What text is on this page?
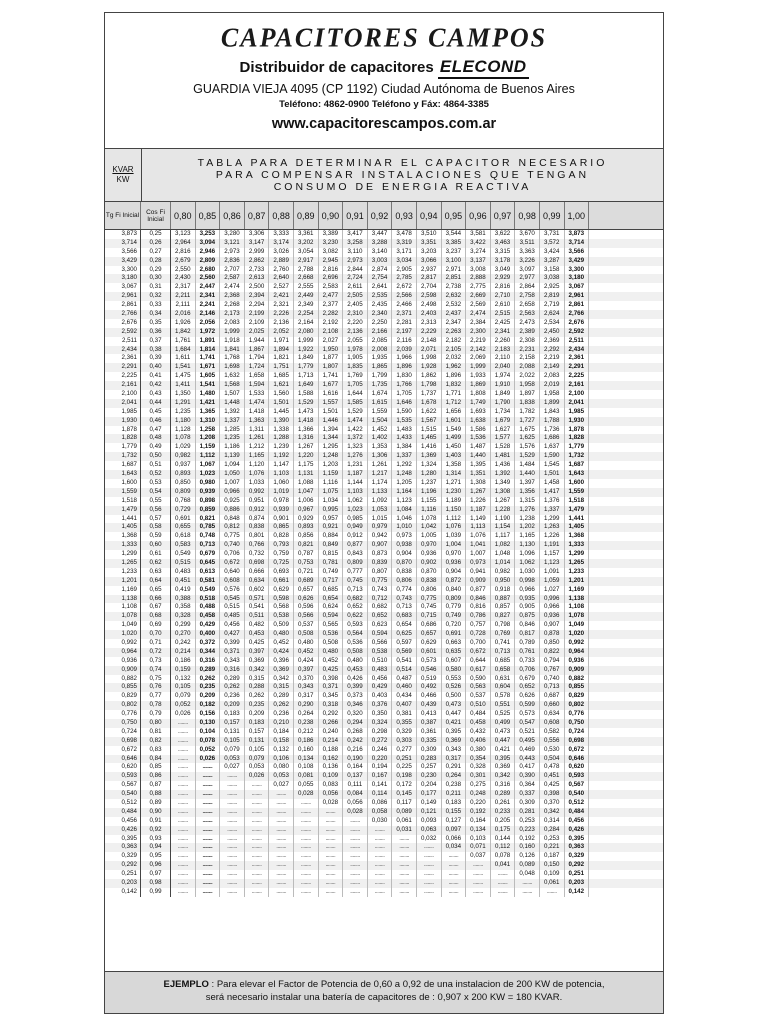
CAPACITORES CAMPOS
Distribuidor de capacitores ELECOND
GUARDIA VIEJA 4095 (CP 1192) Ciudad Autónoma de Buenos Aires
Teléfono: 4862-0900 Teléfono y Fáx: 4864-3385
www.capacitorescampos.com.ar
KVAR
KW
TABLA PARA DETERMINAR EL CAPACITOR NECESARIO
PARA COMPENSAR INSTALACIONES QUE TENGAN
CONSUMO DE ENERGIA REACTIVA
Tg Fi Inicial	Cos Fi Inicial	0,80 0,85 0,86 0,87 0,88 0,89 0,90 0,91 0,92 0,93 0,94 0,95 0,96 0,97 0,98 0,99 1,00
3,873	0,25	3,123	3,253	3,280	3,306	3,333	3,361	3,389	3,417	3,447	3,478	3,510	3,544	3,581	3,622	3,670	3,731	3,873
3,714	0,26	2,964	3,094	3,121	3,147	3,174	3,202	3,230	3,258	3,288	3,319	3,351	3,385	3,422	3,463	3,511	3,572	3,714
3,566	0,27	2,816	2,946	2,973	2,999	3,026	3,054	3,082	3,110	3,140	3,171	3,203	3,237	3,274	3,315	3,363	3,424	3,566
3,429	0,28	2,679	2,809	2,836	2,862	2,889	2,917	2,945	2,973	3,003	3,034	3,066	3,100	3,137	3,178	3,226	3,287	3,429
3,300	0,29	2,550	2,680	2,707	2,733	2,760	2,788	2,816	2,844	2,874	2,905	2,937	2,971	3,008	3,049	3,097	3,158	3,300
3,180	0,30	2,430	2,560	2,587	2,613	2,640	2,668	2,696	2,724	2,754	2,785	2,817	2,851	2,888	2,929	2,977	3,038	3,180
3,067	0,31	2,317	2,447	2,474	2,500	2,527	2,555	2,583	2,611	2,641	2,672	2,704	2,738	2,775	2,816	2,864	2,925	3,067
2,961	0,32	2,211	2,341	2,368	2,394	2,421	2,449	2,477	2,505	2,535	2,566	2,598	2,632	2,669	2,710	2,758	2,819	2,961
2,861	0,33	2,111	2,241	2,268	2,294	2,321	2,349	2,377	2,405	2,435	2,466	2,498	2,532	2,569	2,610	2,658	2,719	2,861
2,766	0,34	2,016	2,146	2,173	2,199	2,226	2,254	2,282	2,310	2,340	2,371	2,403	2,437	2,474	2,515	2,563	2,624	2,766
2,676	0,35	1,926	2,056	2,083	2,109	2,136	2,164	2,192	2,220	2,250	2,281	2,313	2,347	2,384	2,425	2,473	2,534	2,676
2,592	0,36	1,842	1,972	1,999	2,025	2,052	2,080	2,108	2,136	2,166	2,197	2,229	2,263	2,300	2,341	2,389	2,450	2,592
2,511	0,37	1,761	1,891	1,918	1,944	1,971	1,999	2,027	2,055	2,085	2,116	2,148	2,182	2,219	2,260	2,308	2,369	2,511
2,434	0,38	1,684	1,814	1,841	1,867	1,894	1,922	1,950	1,978	2,008	2,039	2,071	2,105	2,142	2,183	2,231	2,292	2,434
2,361	0,39	1,611	1,741	1,768	1,794	1,821	1,849	1,877	1,905	1,935	1,966	1,998	2,032	2,069	2,110	2,158	2,219	2,361
2,291	0,40	1,541	1,671	1,698	1,724	1,751	1,779	1,807	1,835	1,865	1,896	1,928	1,962	1,999	2,040	2,088	2,149	2,291
2,225	0,41	1,475	1,605	1,632	1,658	1,685	1,713	1,741	1,769	1,799	1,830	1,862	1,896	1,933	1,974	2,022	2,083	2,225
2,161	0,42	1,411	1,541	1,568	1,594	1,621	1,649	1,677	1,705	1,735	1,766	1,798	1,832	1,869	1,910	1,958	2,019	2,161
2,100	0,43	1,350	1,480	1,507	1,533	1,560	1,588	1,616	1,644	1,674	1,705	1,737	1,771	1,808	1,849	1,897	1,958	2,100
2,041	0,44	1,291	1,421	1,448	1,474	1,501	1,529	1,557	1,585	1,615	1,646	1,678	1,712	1,749	1,790	1,838	1,899	2,041
1,985	0,45	1,235	1,365	1,392	1,418	1,445	1,473	1,501	1,529	1,559	1,590	1,622	1,656	1,693	1,734	1,782	1,843	1,985
1,930	0,46	1,180	1,310	1,337	1,363	1,390	1,418	1,446	1,474	1,504	1,535	1,567	1,601	1,638	1,679	1,727	1,788	1,930
1,878	0,47	1,128	1,258	1,285	1,311	1,338	1,366	1,394	1,422	1,452	1,483	1,515	1,549	1,586	1,627	1,675	1,736	1,878
1,828	0,48	1,078	1,208	1,235	1,261	1,288	1,316	1,344	1,372	1,402	1,433	1,465	1,499	1,536	1,577	1,625	1,686	1,828
1,779	0,49	1,029	1,159	1,186	1,212	1,239	1,267	1,295	1,323	1,353	1,384	1,416	1,450	1,487	1,528	1,576	1,637	1,779
1,732	0,50	0,982	1,112	1,139	1,165	1,192	1,220	1,248	1,276	1,306	1,337	1,369	1,403	1,440	1,481	1,529	1,590	1,732
1,687	0,51	0,937	1,067	1,094	1,120	1,147	1,175	1,203	1,231	1,261	1,292	1,324	1,358	1,395	1,436	1,484	1,545	1,687
1,643	0,52	0,893	1,023	1,050	1,076	1,103	1,131	1,159	1,187	1,217	1,248	1,280	1,314	1,351	1,392	1,440	1,501	1,643
1,600	0,53	0,850	0,980	1,007	1,033	1,060	1,088	1,116	1,144	1,174	1,205	1,237	1,271	1,308	1,349	1,397	1,458	1,600
1,559	0,54	0,809	0,939	0,966	0,992	1,019	1,047	1,075	1,103	1,133	1,164	1,196	1,230	1,267	1,308	1,356	1,417	1,559
1,518	0,55	0,768	0,898	0,925	0,951	0,978	1,006	1,034	1,062	1,092	1,123	1,155	1,189	1,226	1,267	1,315	1,376	1,518
1,479	0,56	0,729	0,859	0,886	0,912	0,939	0,967	0,995	1,023	1,053	1,084	1,116	1,150	1,187	1,228	1,276	1,337	1,479
1,441	0,57	0,691	0,821	0,848	0,874	0,901	0,929	0,957	0,985	1,015	1,046	1,078	1,112	1,149	1,190	1,238	1,299	1,441
1,405	0,58	0,655	0,785	0,812	0,838	0,865	0,893	0,921	0,949	0,979	1,010	1,042	1,076	1,113	1,154	1,202	1,263	1,405
1,368	0,59	0,618	0,748	0,775	0,801	0,828	0,856	0,884	0,912	0,942	0,973	1,005	1,039	1,076	1,117	1,165	1,226	1,368
1,333	0,60	0,583	0,713	0,740	0,766	0,793	0,821	0,849	0,877	0,907	0,938	0,970	1,004	1,041	1,082	1,130	1,191	1,333
1,299	0,61	0,549	0,679	0,706	0,732	0,759	0,787	0,815	0,843	0,873	0,904	0,936	0,970	1,007	1,048	1,096	1,157	1,299
1,265	0,62	0,515	0,645	0,672	0,698	0,725	0,753	0,781	0,809	0,839	0,870	0,902	0,936	0,973	1,014	1,062	1,123	1,265
1,233	0,63	0,483	0,613	0,640	0,666	0,693	0,721	0,749	0,777	0,807	0,838	0,870	0,904	0,941	0,982	1,030	1,091	1,233
1,201	0,64	0,451	0,581	0,608	0,634	0,661	0,689	0,717	0,745	0,775	0,806	0,838	0,872	0,909	0,950	0,998	1,059	1,201
1,169	0,65	0,419	0,549	0,576	0,602	0,629	0,657	0,685	0,713	0,743	0,774	0,806	0,840	0,877	0,918	0,966	1,027	1,169
1,138	0,66	0,388	0,518	0,545	0,571	0,598	0,626	0,654	0,682	0,712	0,743	0,775	0,809	0,846	0,887	0,935	0,996	1,138
1,108	0,67	0,358	0,488	0,515	0,541	0,568	0,596	0,624	0,652	0,682	0,713	0,745	0,779	0,816	0,857	0,905	0,966	1,108
1,078	0,68	0,328	0,458	0,485	0,511	0,538	0,566	0,594	0,622	0,652	0,683	0,715	0,749	0,786	0,827	0,875	0,936	1,078
1,049	0,69	0,299	0,429	0,456	0,482	0,509	0,537	0,565	0,593	0,623	0,654	0,686	0,720	0,757	0,798	0,846	0,907	1,049
1,020	0,70	0,270	0,400	0,427	0,453	0,480	0,508	0,536	0,564	0,594	0,625	0,657	0,691	0,728	0,769	0,817	0,878	1,020
0,992	0,71	0,242	0,372	0,399	0,425	0,452	0,480	0,508	0,536	0,566	0,597	0,629	0,663	0,700	0,741	0,789	0,850	0,992
0,964	0,72	0,214	0,344	0,371	0,397	0,424	0,452	0,480	0,508	0,538	0,569	0,601	0,635	0,672	0,713	0,761	0,822	0,964
0,936	0,73	0,186	0,316	0,343	0,369	0,396	0,424	0,452	0,480	0,510	0,541	0,573	0,607	0,644	0,685	0,733	0,794	0,936
0,909	0,74	0,159	0,289	0,316	0,342	0,369	0,397	0,425	0,453	0,483	0,514	0,546	0,580	0,617	0,658	0,706	0,767	0,909
0,882	0,75	0,132	0,262	0,289	0,315	0,342	0,370	0,398	0,426	0,456	0,487	0,519	0,553	0,590	0,631	0,679	0,740	0,882
0,855	0,76	0,105	0,235	0,262	0,288	0,315	0,343	0,371	0,399	0,429	0,460	0,492	0,526	0,563	0,604	0,652	0,713	0,855
0,829	0,77	0,079	0,209	0,236	0,262	0,289	0,317	0,345	0,373	0,403	0,434	0,466	0,500	0,537	0,578	0,626	0,687	0,829
0,802	0,78	0,052	0,182	0,209	0,235	0,262	0,290	0,318	0,346	0,376	0,407	0,439	0,473	0,510	0,551	0,599	0,660	0,802
0,776	0,79	0,026	0,156	0,183	0,209	0,236	0,264	0,292	0,320	0,350	0,381	0,413	0,447	0,484	0,525	0,573	0,634	0,776
0,750	0,80	........	0,130	0,157	0,183	0,210	0,238	0,266	0,294	0,324	0,355	0,387	0,421	0,458	0,499	0,547	0,608	0,750
0,724	0,81	........	0,104	0,131	0,157	0,184	0,212	0,240	0,268	0,298	0,329	0,361	0,395	0,432	0,473	0,521	0,582	0,724
0,698	0,82	........	0,078	0,105	0,131	0,158	0,186	0,214	0,242	0,272	0,303	0,335	0,369	0,406	0,447	0,495	0,556	0,698
0,672	0,83	........	0,052	0,079	0,105	0,132	0,160	0,188	0,216	0,246	0,277	0,309	0,343	0,380	0,421	0,469	0,530	0,672
0,646	0,84	........	0,026	0,053	0,079	0,106	0,134	0,162	0,190	0,220	0,251	0,283	0,317	0,354	0,395	0,443	0,504	0,646
0,620	0,85	........	........	0,027	0,053	0,080	0,108	0,136	0,164	0,194	0,225	0,257	0,291	0,328	0,369	0,417	0,478	0,620
0,593	0,86	........	........	........	0,026	0,053	0,081	0,109	0,137	0,167	0,198	0,230	0,264	0,301	0,342	0,390	0,451	0,593
0,567	0,87	........	........	........	........	0,027	0,055	0,083	0,111	0,141	0,172	0,204	0,238	0,275	0,316	0,364	0,425	0,567
0,540	0,88	........	........	........	........	........	0,028	0,056	0,084	0,114	0,145	0,177	0,211	0,248	0,289	0,337	0,398	0,540
0,512	0,89	........	........	........	........	........	........	0,028	0,056	0,086	0,117	0,149	0,183	0,220	0,261	0,309	0,370	0,512
0,484	0,90	........	........	........	........	........	........	........	0,028	0,058	0,089	0,121	0,155	0,192	0,233	0,281	0,342	0,484
0,456	0,91	........	........	........	........	........	........	........	........	0,030	0,061	0,093	0,127	0,164	0,205	0,253	0,314	0,456
0,426	0,92	........	........	........	........	........	........	........	........	........	0,031	0,063	0,097	0,134	0,175	0,223	0,284	0,426
0,395	0,93	........	........	........	........	........	........	........	........	........	........	0,032	0,066	0,103	0,144	0,192	0,253	0,395
0,363	0,94	........	........	........	........	........	........	........	........	........	........	........	0,034	0,071	0,112	0,160	0,221	0,363
0,329	0,95	........	........	........	........	........	........	........	........	........	........	........	........	0,037	0,078	0,126	0,187	0,329
0,292	0,96	........	........	........	........	........	........	........	........	........	........	........	........	........	0,041	0,089	0,150	0,292
0,251	0,97	........	........	........	........	........	........	........	........	........	........	........	........	........	........	0,048	0,109	0,251
0,203	0,98	........	........	........	........	........	........	........	........	........	........	........	........	........	........	........	0,061	0,203
0,142	0,99	........	........	........	........	........	........	........	........	........	........	........	........	........	........	........	........	0,142
EJEMPLO : Para elevar el Factor de Potencia de 0,60 a 0,92 de una instalacion de 200 KW de potencia,
será necesario instalar una batería de capacitores de : 0,907 x 200 KW = 180 KVAR.
